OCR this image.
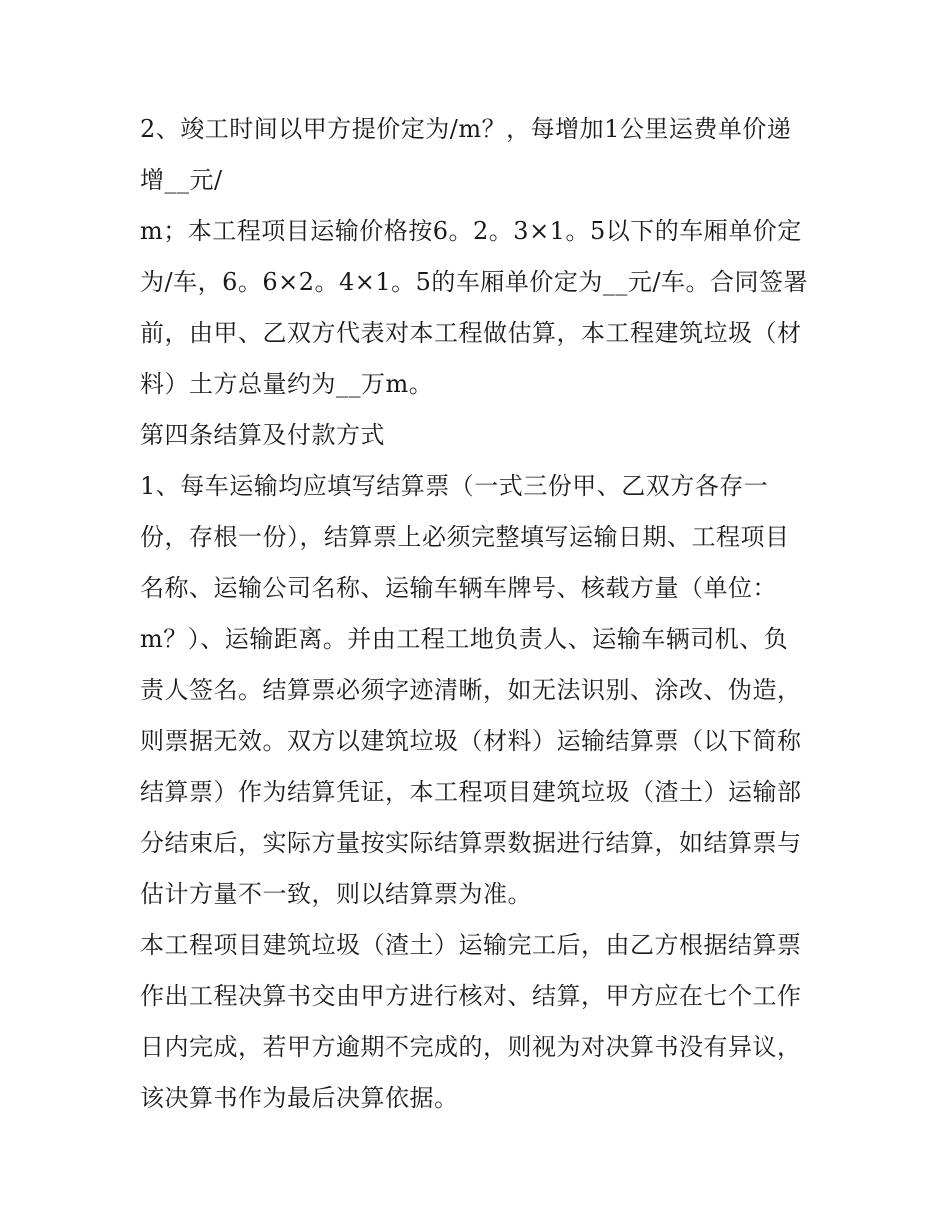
2、竣工时间以甲方提价定为/m？，每增加1公里运费单价递
增__元/
m；本工程项目运输价格按6。2。3×1。5以下的车厢单价定
为/车，6。6×2。4×1。5的车厢单价定为__元/车。合同签署
前，由甲、乙双方代表对本工程做估算，本工程建筑垃圾（材
料）土方总量约为__万m。
第四条结算及付款方式
1、每车运输均应填写结算票（一式三份甲、乙双方各存一
份，存根一份），结算票上必须完整填写运输日期、工程项目
名称、运输公司名称、运输车辆车牌号、核载方量（单位：
m？）、运输距离。并由工程工地负责人、运输车辆司机、负
责人签名。结算票必须字迹清晰，如无法识别、涂改、伪造，
则票据无效。双方以建筑垃圾（材料）运输结算票（以下简称
结算票）作为结算凭证，本工程项目建筑垃圾（渣土）运输部
分结束后，实际方量按实际结算票数据进行结算，如结算票与
估计方量不一致，则以结算票为准。
本工程项目建筑垃圾（渣土）运输完工后，由乙方根据结算票
作出工程决算书交由甲方进行核对、结算，甲方应在七个工作
日内完成，若甲方逾期不完成的，则视为对决算书没有异议，
该决算书作为最后决算依据。
